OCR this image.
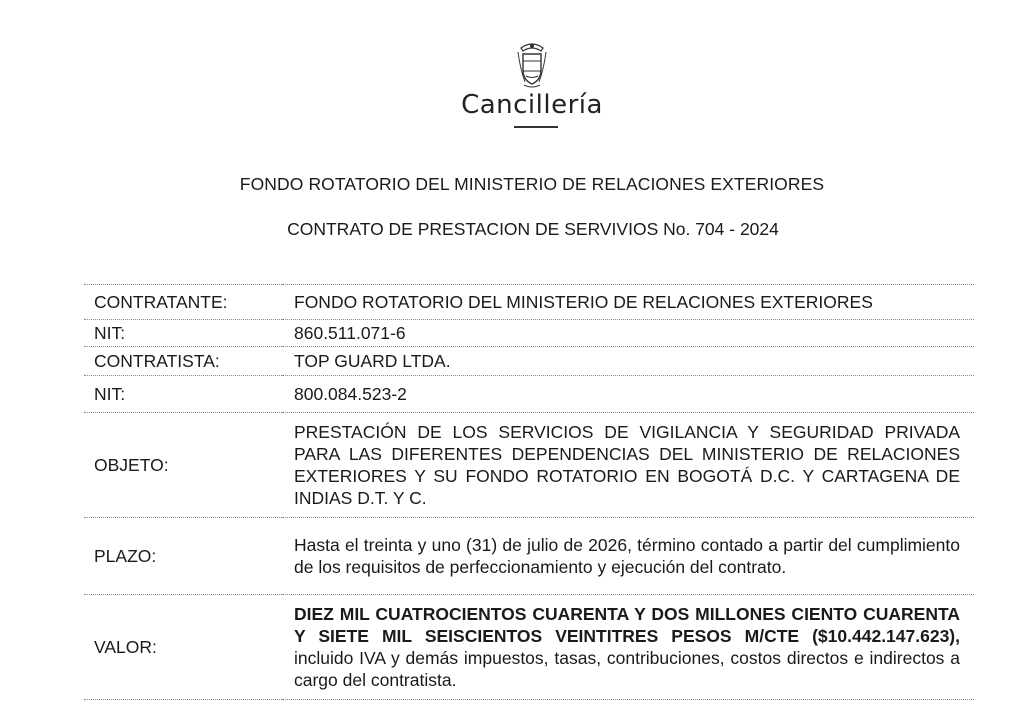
Cancillería
FONDO ROTATORIO DEL MINISTERIO DE RELACIONES EXTERIORES
CONTRATO DE PRESTACION DE SERVIVIOS No. 704 - 2024
CONTRATANTE:	FONDO ROTATORIO DEL MINISTERIO DE RELACIONES EXTERIORES
NIT:	860.511.071-6
CONTRATISTA:	TOP GUARD LTDA.
NIT:	800.084.523-2
OBJETO:	PRESTACIÓN DE LOS SERVICIOS DE VIGILANCIA Y SEGURIDAD PRIVADA PARA LAS DIFERENTES DEPENDENCIAS DEL MINISTERIO DE RELACIONES EXTERIORES Y SU FONDO ROTATORIO EN BOGOTÁ D.C. Y CARTAGENA DE INDIAS D.T. Y C.
PLAZO:	Hasta el treinta y uno (31) de julio de 2026, término contado a partir del cumplimiento de los requisitos de perfeccionamiento y ejecución del contrato.
VALOR:	DIEZ MIL CUATROCIENTOS CUARENTA Y DOS MILLONES CIENTO CUARENTA Y SIETE MIL SEISCIENTOS VEINTITRES PESOS M/CTE ($10.442.147.623), incluido IVA y demás impuestos, tasas, contribuciones, costos directos e indirectos a cargo del contratista.
